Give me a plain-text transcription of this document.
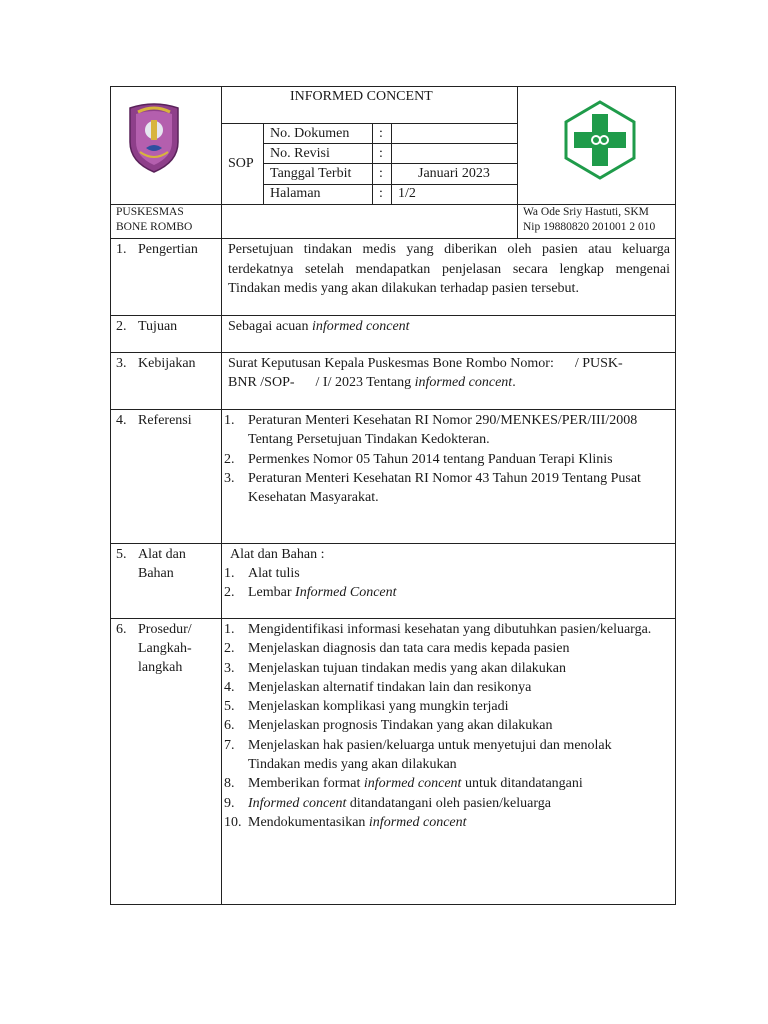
INFORMED CONCENT
SOP
No. Dokumen :
No. Revisi	:
Tanggal Terbit :	Januari 2023
Halaman	: 1/2
PUSKESMAS
BONE ROMBO
Wa Ode Sriy Hastuti, SKM
Nip 19880820 201001 2 010
1. Pengertian Persetujuan tindakan medis yang diberikan oleh pasien atau keluarga terdekatnya setelah mendapatkan penjelasan secara lengkap mengenai Tindakan medis yang akan dilakukan terhadap pasien tersebut.
2. Tujuan	Sebagai acuan informed concent
3. Kebijakan Surat Keputusan Kepala Puskesmas Bone Rombo Nomor:      / PUSK-
BNR /SOP-      / I/ 2023 Tentang informed concent.
4. Referensi 1. Peraturan Menteri Kesehatan RI Nomor 290/MENKES/PER/III/2008 Tentang Persetujuan Tindakan Kedokteran.
2. Permenkes Nomor 05 Tahun 2014 tentang Panduan Terapi Klinis
3. Peraturan Menteri Kesehatan RI Nomor 43 Tahun 2019 Tentang Pusat Kesehatan Masyarakat.
5. Alat dan
Bahan
Alat dan Bahan :
1. Alat tulis
2. Lembar Informed Concent
6. Prosedur/
Langkah-
langkah
1. Mengidentifikasi informasi kesehatan yang dibutuhkan pasien/keluarga.
2. Menjelaskan diagnosis dan tata cara medis kepada pasien
3. Menjelaskan tujuan tindakan medis yang akan dilakukan
4. Menjelaskan alternatif tindakan lain dan resikonya
5. Menjelaskan komplikasi yang mungkin terjadi
6. Menjelaskan prognosis Tindakan yang akan dilakukan
7. Menjelaskan hak pasien/keluarga untuk menyetujui dan menolak Tindakan medis yang akan dilakukan
8. Memberikan format informed concent untuk ditandatangani
9. Informed concent ditandatangani oleh pasien/keluarga
10. Mendokumentasikan informed concent
